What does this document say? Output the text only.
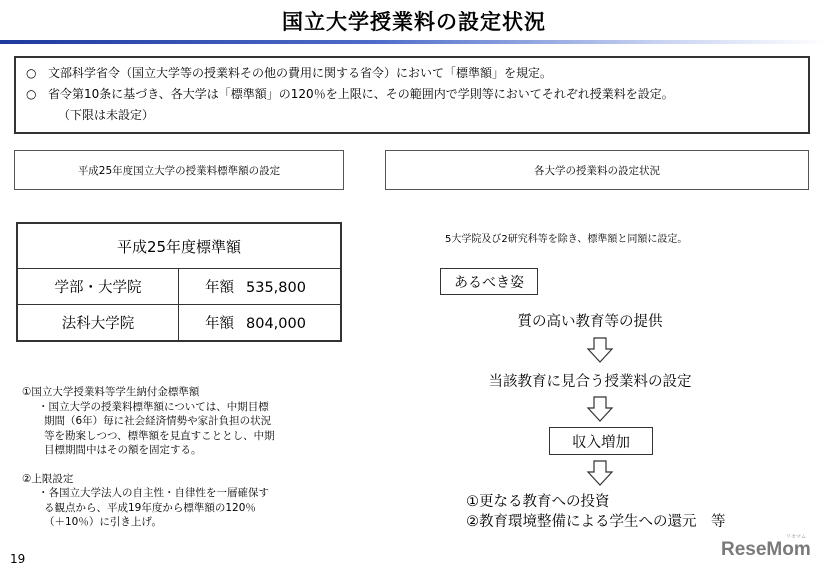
国立大学授業料の設定状況
○ 文部科学省令（国立大学等の授業料その他の費用に関する省令）において「標準額」を規定。
○ 省令第10条に基づき、各大学は「標準額」の120％を上限に、その範囲内で学則等においてそれぞれ授業料を設定。
（下限は未設定）
平成25年度国立大学の授業料標準額の設定	各大学の授業料の設定状況
平成25年度標準額	
学部・大学院	年額 535,800
法科大学院	年額 804,000
①国立大学授業料等学生納付金標準額
・国立大学の授業料標準額については、中期目標
期間（6年）毎に社会経済情勢や家計負担の状況
等を勘案しつつ、標準額を見直すこととし、中期
目標期間中はその額を固定する。
②上限設定
・各国立大学法人の自主性・自律性を一層確保す
る観点から、平成19年度から標準額の120％
（＋10％）に引き上げ。
5大学院及び2研究科等を除き、標準額と同額に設定。
あるべき姿
質の高い教育等の提供
当該教育に見合う授業料の設定
収入増加
①更なる教育への投資
②教育環境整備による学生への還元　等
19
リセマム
ReseMom
